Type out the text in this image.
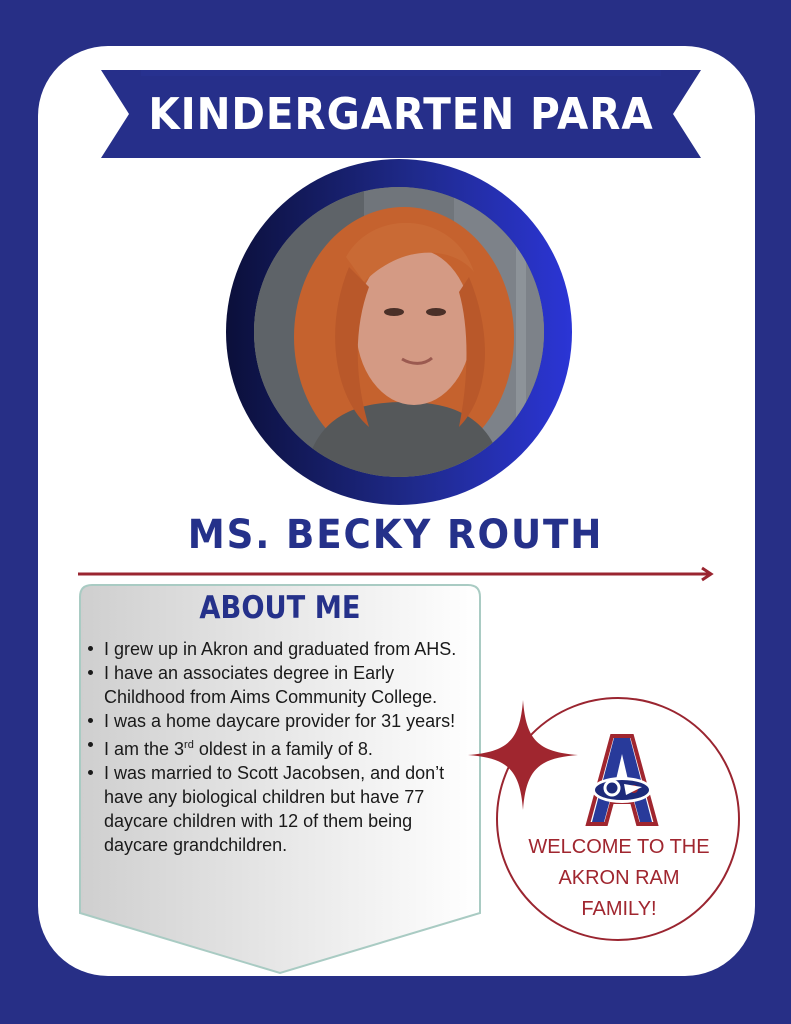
KINDERGARTEN PARA
MS. BECKY ROUTH
ABOUT ME
I grew up in Akron and graduated from AHS.
I have an associates degree in Early Childhood from Aims Community College.
I was a home daycare provider for 31 years!
I am the 3rd oldest in a family of 8.
I was married to Scott Jacobsen, and don’t have any biological children but have 77 daycare children with 12 of them being daycare grandchildren.	WELCOME TO THE
AKRON RAM
FAMILY!
